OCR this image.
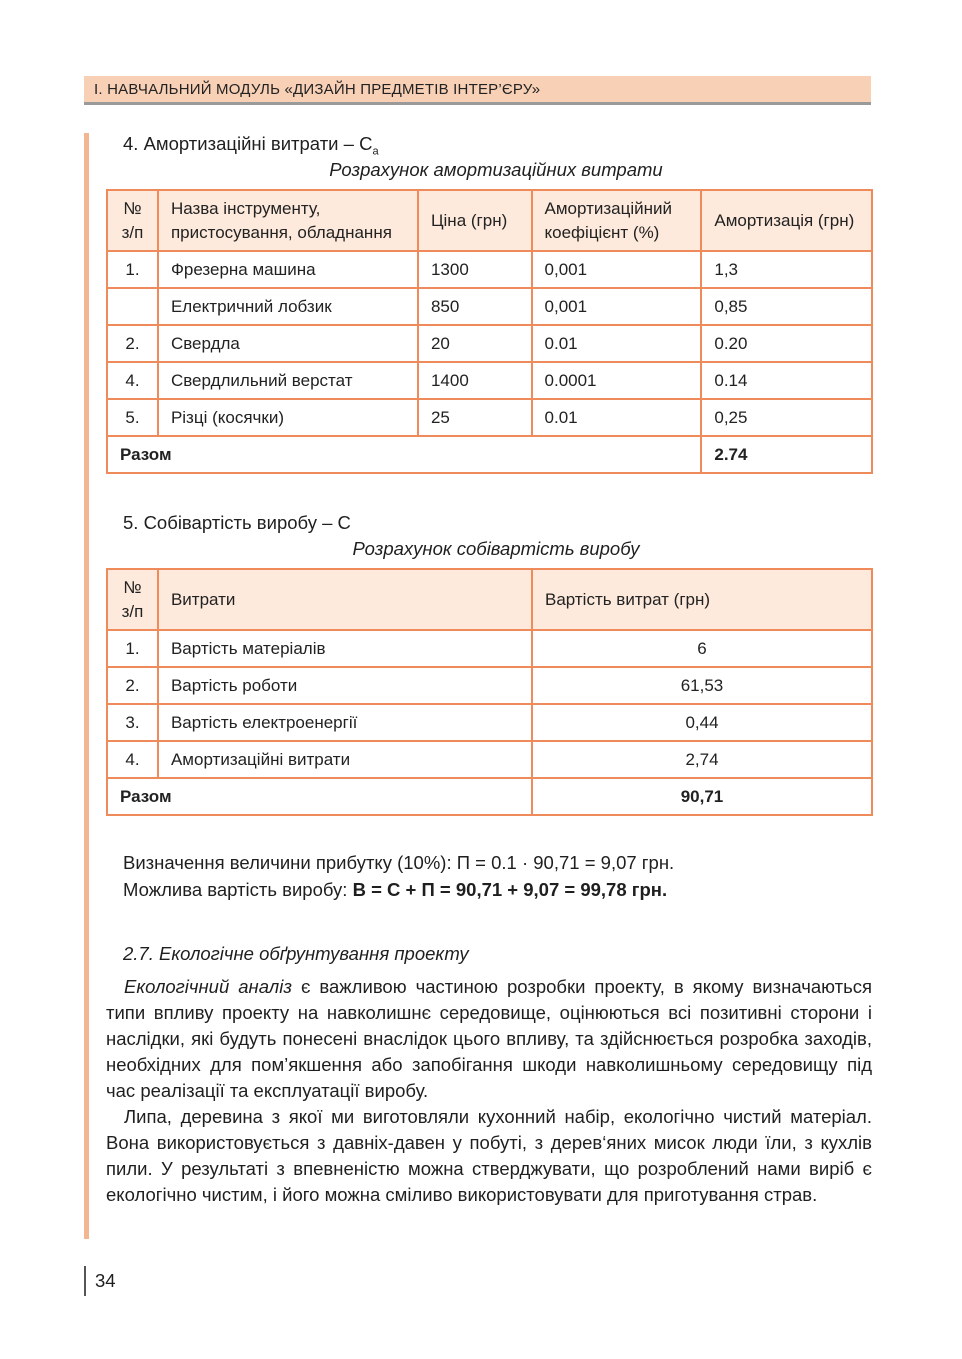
І. НАВЧАЛЬНИЙ МОДУЛЬ «ДИЗАЙН ПРЕДМЕТІВ ІНТЕР’ЄРУ»
4. Амортизаційні витрати – $С_а$
Розрахунок амортизаційних витрати
№ з/п	Назва інструменту, пристосування, обладнання	Ціна (грн)	Амортизаційний коефіцієнт (%)	Амортизація (грн)
1.	Фрезерна машина	1300	0,001	1,3
	Електричний лобзик	850	0,001	0,85
2.	Свердла	20	0.01	0.20
4.	Свердлильний верстат	1400	0.0001	0.14
5.	Різці (косячки)	25	0.01	0,25
Разом				2.74
5. Собівартість виробу – С
Розрахунок собівартість виробу
№ з/п	Витрати	Вартість витрат (грн)
1.	Вартість матеріалів	6
2.	Вартість роботи	61,53
3.	Вартість електроенергії	0,44
4.	Амортизаційні витрати	2,74
Разом		90,71
Визначення величини прибутку (10%): П = 0.1 · 90,71 = 9,07 грн.
Можлива вартість виробу: В = С + П = 90,71 + 9,07 = 99,78 грн.
2.7. Екологічне обґрунтування проекту

Екологічний аналіз є важливою частиною розробки проекту, в якому визначаються типи впливу проекту на навколишнє середовище, оцінюються всі позитивні сторони і наслідки, які будуть понесені внаслідок цього впливу, та здійснюється розробка заходів, необхідних для пом’якшення або запобігання шкоди навколишньому середовищу під час реалізації та експлуатації виробу.

Липа, деревина з якої ми виготовляли кухонний набір, екологічно чистий матеріал. Вона використовується з давніх-давен у побуті, з дерев‘яних мисок люди їли, з кухлів пили. У результаті з впевненістю можна стверджувати, що розроблений нами виріб є екологічно чистим, і його можна сміливо використовувати для приготування страв.

34
